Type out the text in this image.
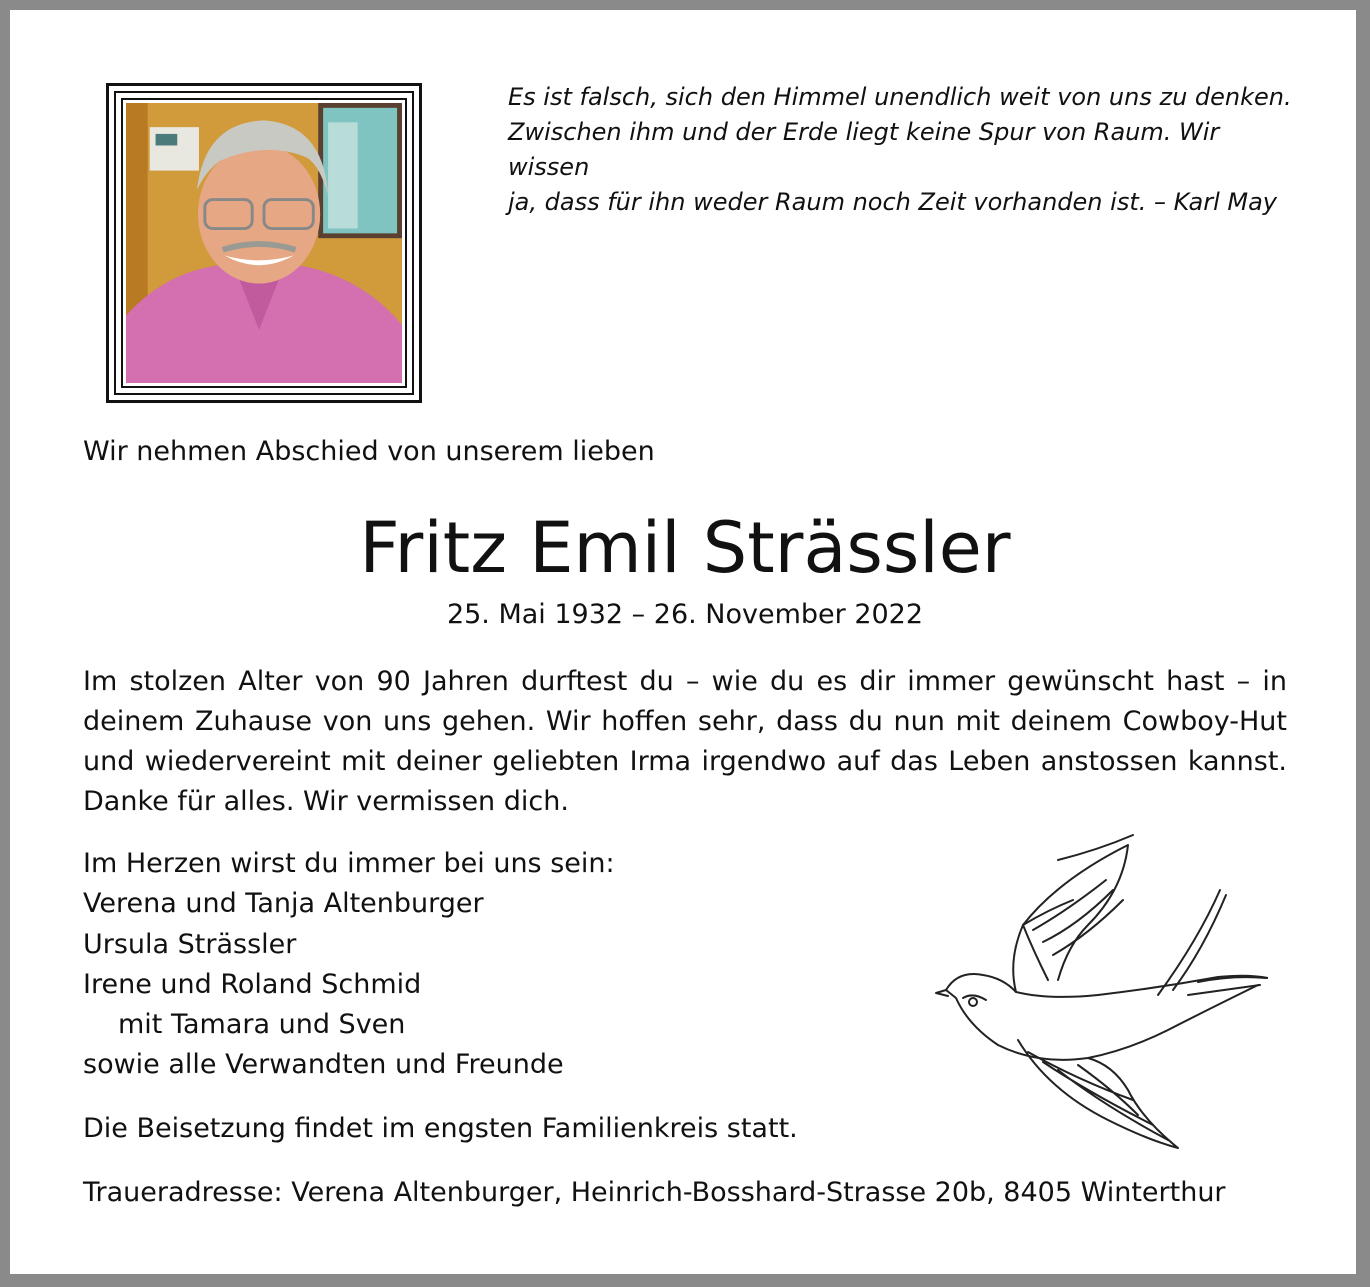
Es ist falsch, sich den Himmel unendlich weit von uns zu denken.
Zwischen ihm und der Erde liegt keine Spur von Raum. Wir wissen
ja, dass für ihn weder Raum noch Zeit vorhanden ist. – Karl May
Wir nehmen Abschied von unserem lieben
Fritz Emil Strässler
25. Mai 1932 – 26. November 2022
Im stolzen Alter von 90 Jahren durftest du – wie du es dir immer gewünscht hast – in deinem Zuhause von uns gehen. Wir hoffen sehr, dass du nun mit deinem Cowboy-Hut und wiedervereint mit deiner geliebten Irma irgendwo auf das Leben anstossen kannst. Danke für alles. Wir vermissen dich.
Im Herzen wirst du immer bei uns sein:
Verena und Tanja Altenburger
Ursula Strässler
Irene und Roland Schmid
mit Tamara und Sven
sowie alle Verwandten und Freunde
Die Beisetzung findet im engsten Familienkreis statt.
Traueradresse: Verena Altenburger, Heinrich-Bosshard-Strasse 20b, 8405 Winterthur
